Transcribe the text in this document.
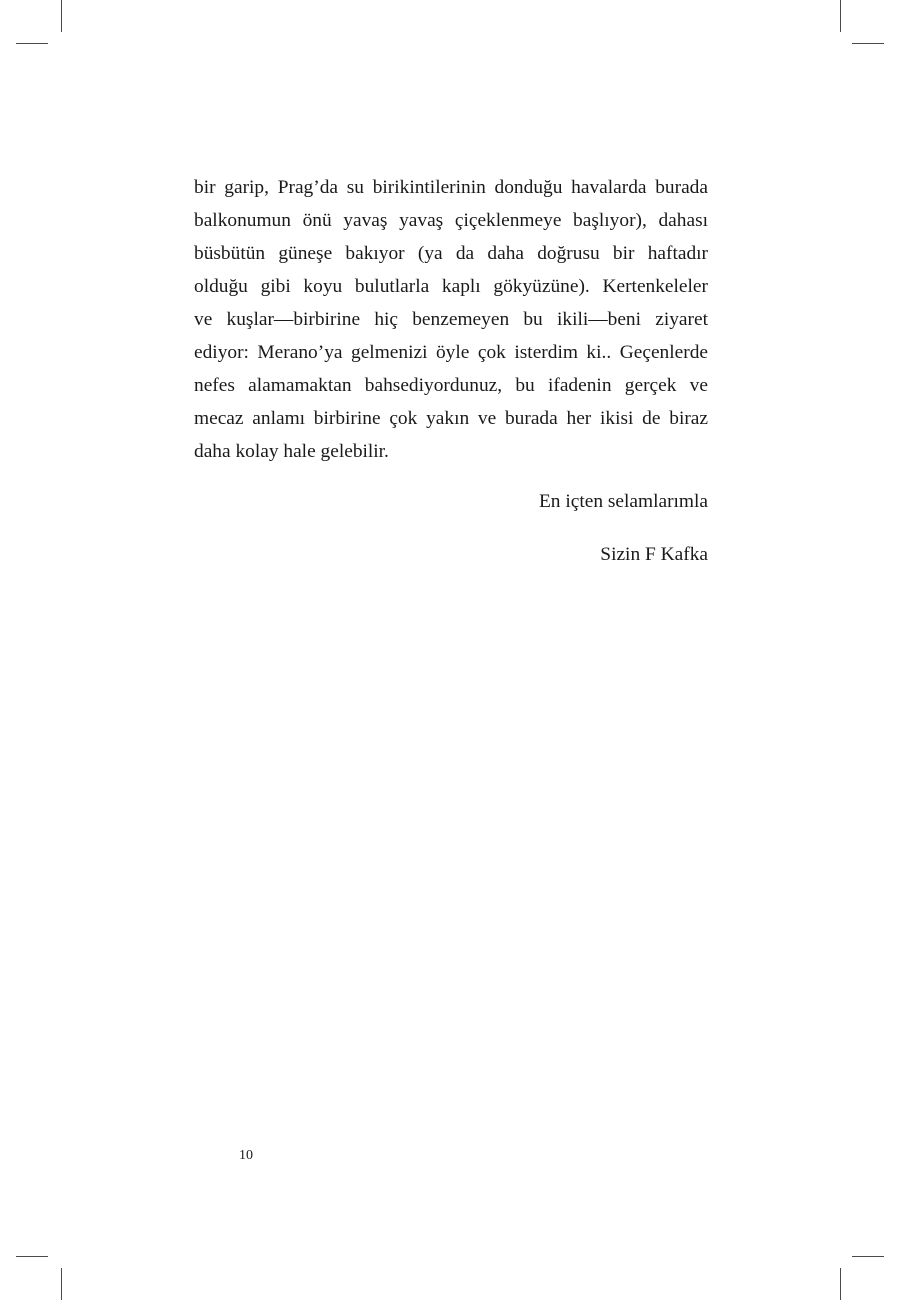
bir garip, Prag’da su birikintilerinin donduğu havalarda burada
balkonumun önü yavaş yavaş çiçeklenmeye başlıyor), dahası
büsbütün güneşe bakıyor (ya da daha doğrusu bir haftadır
olduğu gibi koyu bulutlarla kaplı gökyüzüne). Kertenkeleler
ve kuşlar—birbirine hiç benzemeyen bu ikili—beni ziyaret
ediyor: Merano’ya gelmenizi öyle çok isterdim ki.. Geçenlerde
nefes alamamaktan bahsediyordunuz, bu ifadenin gerçek ve
mecaz anlamı birbirine çok yakın ve burada her ikisi de biraz
daha kolay hale gelebilir.
En içten selamlarımla
Sizin F Kafka
10
